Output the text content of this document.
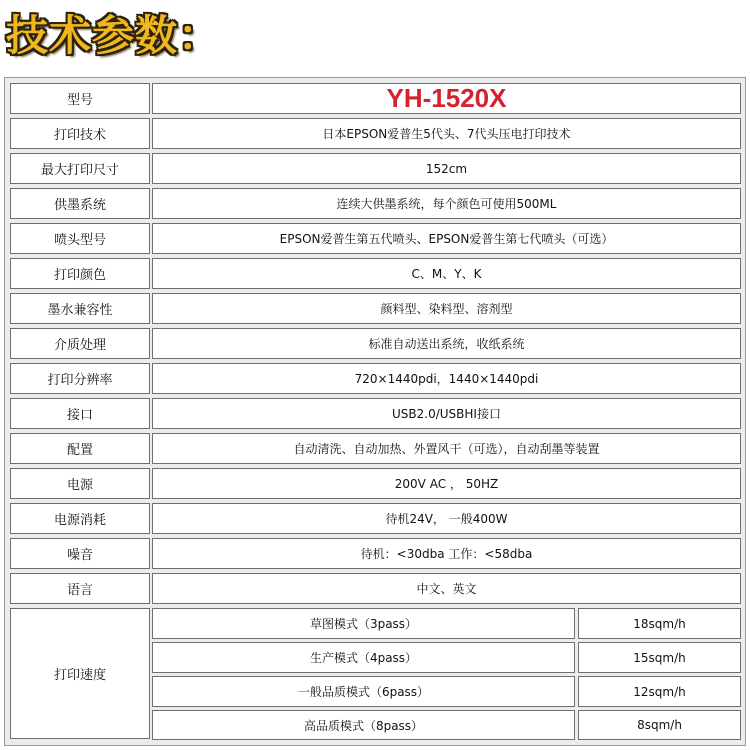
技术参数：
型号	YH-1520X
打印技术	日本EPSON爱普生5代头、7代头压电打印技术
最大打印尺寸	152cm
供墨系统	连续大供墨系统，每个颜色可使用500ML
喷头型号	EPSON爱普生第五代喷头、EPSON爱普生第七代喷头（可选）
打印颜色	C、M、Y、K
墨水兼容性	颜料型、染料型、溶剂型
介质处理	标准自动送出系统，收纸系统
打印分辨率	720×1440pdi，1440×1440pdi
接口	USB2.0/USBHI接口
配置	自动清洗、自动加热、外置风干（可选），自动刮墨等装置
电源	200V AC ， 50HZ
电源消耗	待机24V， 一般400W
噪音	待机：<30dba 工作：<58dba
语言	中文、英文
打印速度
草图模式（3pass）	18sqm/h
生产模式（4pass）	15sqm/h
一般品质模式（6pass）	12sqm/h
高品质模式（8pass）	8sqm/h
